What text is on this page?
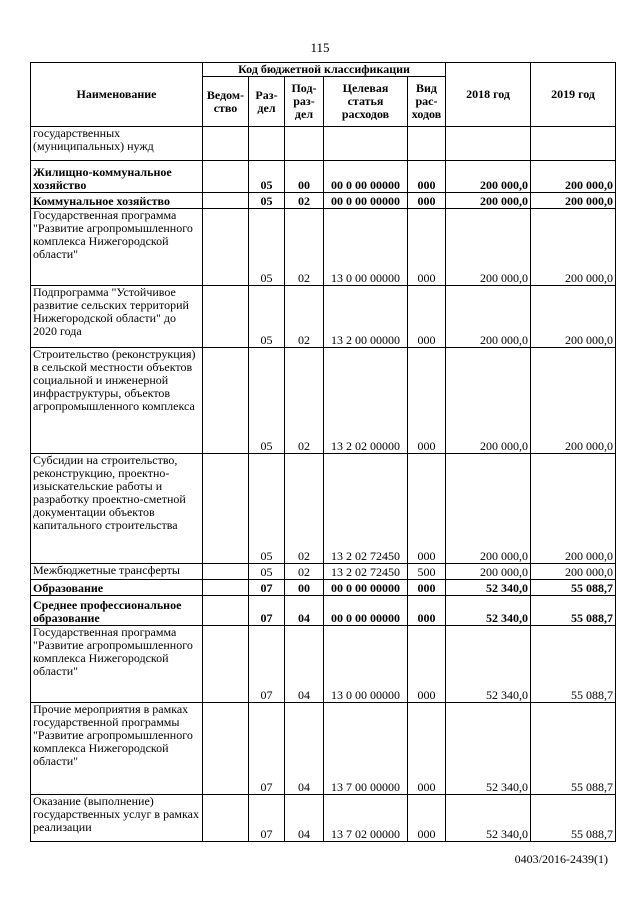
115
Наименование	Код бюджетной классификации					2018 год	2019 год
	Ведом-ство	Раз-дел	Под-раз-дел	Целевая статья расходов	Вид рас-ходов		
государственных (муниципальных) нужд							
Жилищно-коммунальное хозяйство		05	00	00 0 00 00000	000	200 000,0	200 000,0
Коммунальное хозяйство		05	02	00 0 00 00000	000	200 000,0	200 000,0
Государственная программа "Развитие агропромышленного комплекса Нижегородской области"		05	02	13 0 00 00000	000	200 000,0	200 000,0
Подпрограмма "Устойчивое развитие сельских территорий Нижегородской области" до 2020 года		05	02	13 2 00 00000	000	200 000,0	200 000,0
Строительство (реконструкция) в сельской местности объектов социальной и инженерной инфраструктуры, объектов агропромышленного комплекса		05	02	13 2 02 00000	000	200 000,0	200 000,0
Субсидии на строительство, реконструкцию, проектно-изыскательские работы и разработку проектно-сметной документации объектов капитального строительства		05	02	13 2 02 72450	000	200 000,0	200 000,0
Межбюджетные трансферты		05	02	13 2 02 72450	500	200 000,0	200 000,0
Образование		07	00	00 0 00 00000	000	52 340,0	55 088,7
Среднее профессиональное образование		07	04	00 0 00 00000	000	52 340,0	55 088,7
Государственная программа "Развитие агропромышленного комплекса Нижегородской области"		07	04	13 0 00 00000	000	52 340,0	55 088,7
Прочие мероприятия в рамках государственной программы "Развитие агропромышленного комплекса Нижегородской области"		07	04	13 7 00 00000	000	52 340,0	55 088,7
Оказание (выполнение) государственных услуг в рамках реализации		07	04	13 7 02 00000	000	52 340,0	55 088,7
0403/2016-2439(1)
